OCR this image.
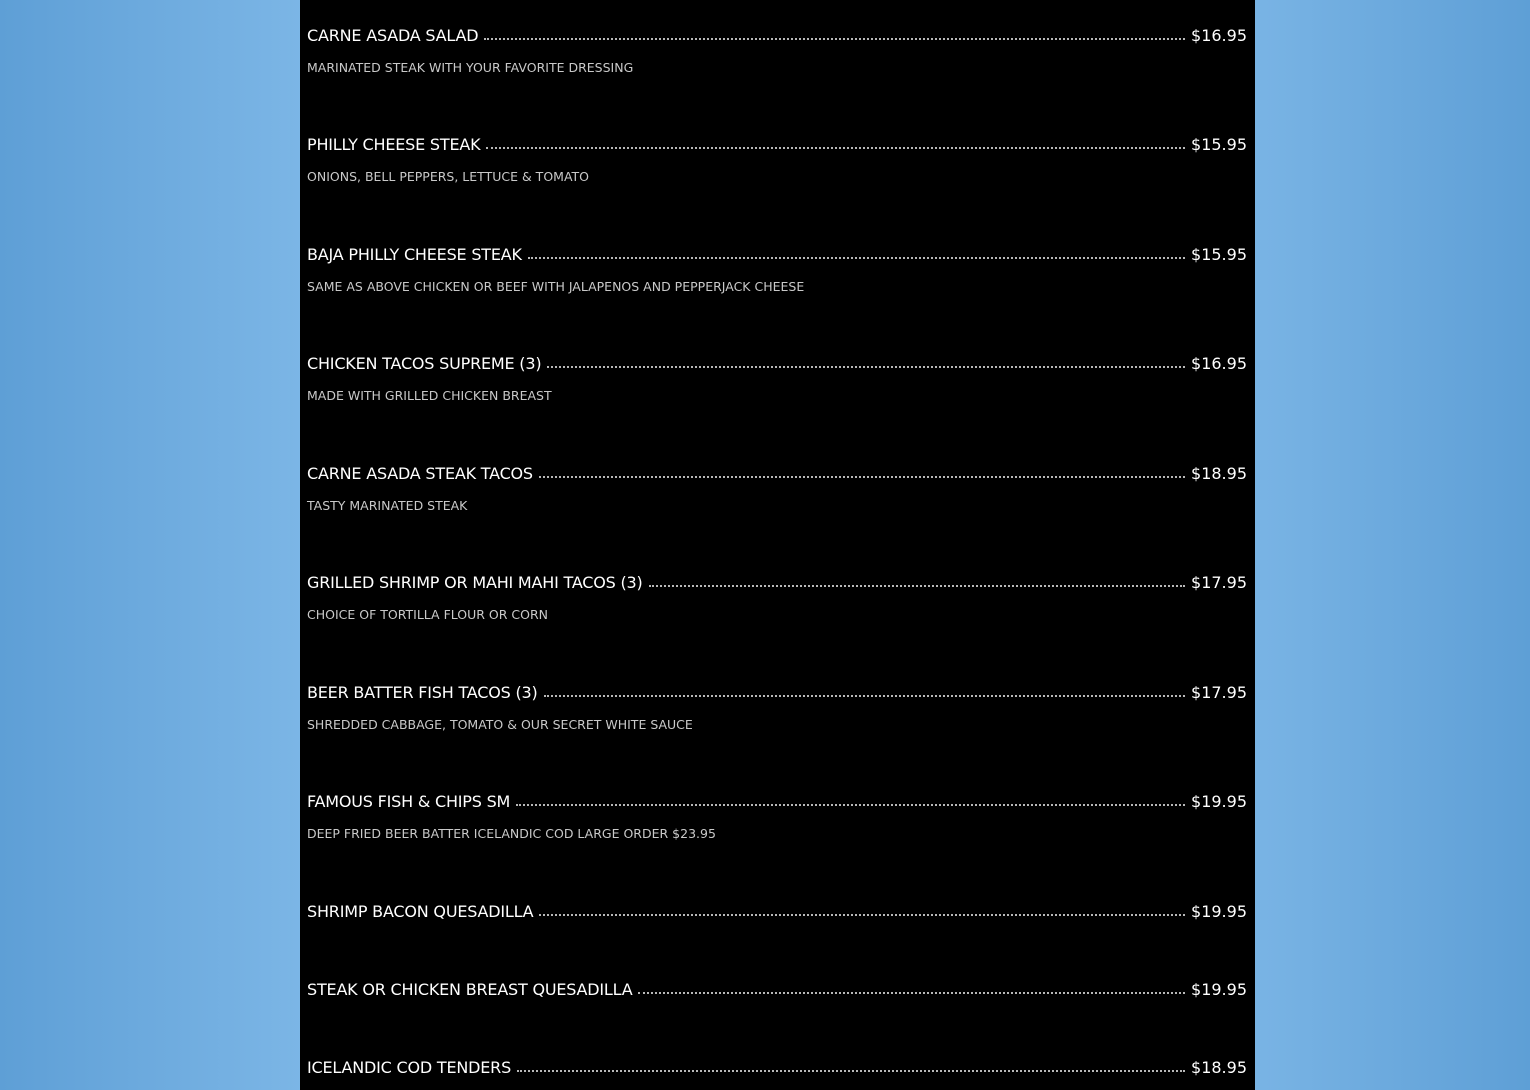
CARNE ASADA SALAD	$16.95
MARINATED STEAK WITH YOUR FAVORITE DRESSING
PHILLY CHEESE STEAK	$15.95
ONIONS, BELL PEPPERS, LETTUCE & TOMATO
BAJA PHILLY CHEESE STEAK	$15.95
SAME AS ABOVE CHICKEN OR BEEF WITH JALAPENOS AND PEPPERJACK CHEESE
CHICKEN TACOS SUPREME (3)	$16.95
MADE WITH GRILLED CHICKEN BREAST
CARNE ASADA STEAK TACOS	$18.95
TASTY MARINATED STEAK
GRILLED SHRIMP OR MAHI MAHI TACOS (3)	$17.95
CHOICE OF TORTILLA FLOUR OR CORN
BEER BATTER FISH TACOS (3)	$17.95
SHREDDED CABBAGE, TOMATO & OUR SECRET WHITE SAUCE
FAMOUS FISH & CHIPS SM	$19.95
DEEP FRIED BEER BATTER ICELANDIC COD LARGE ORDER $23.95
SHRIMP BACON QUESADILLA	$19.95
STEAK OR CHICKEN BREAST QUESADILLA	$19.95
ICELANDIC COD TENDERS	$18.95
